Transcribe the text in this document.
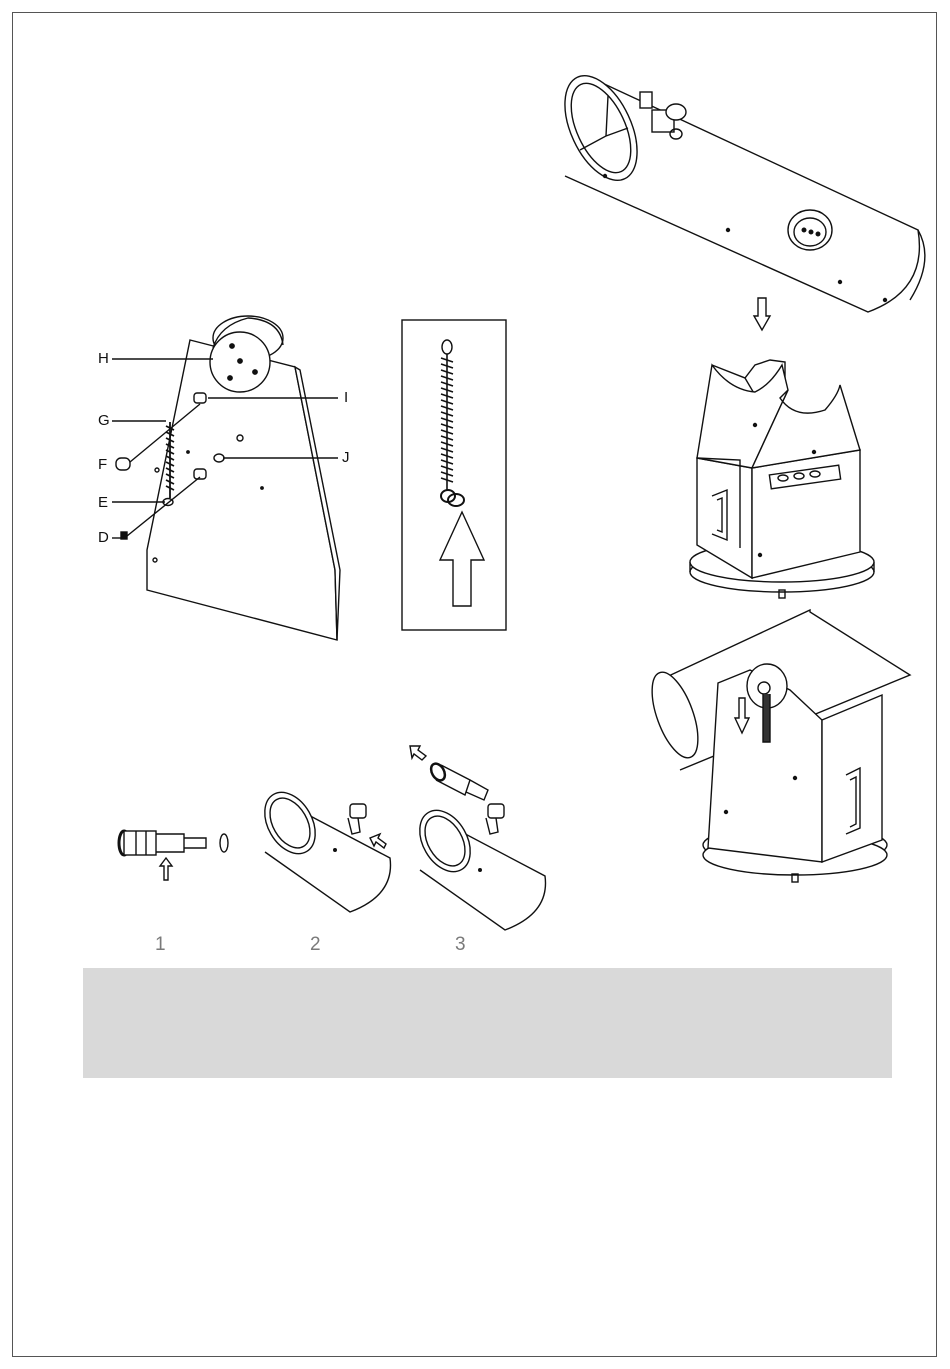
H
G
F
E
D
I
J
1	2	3
